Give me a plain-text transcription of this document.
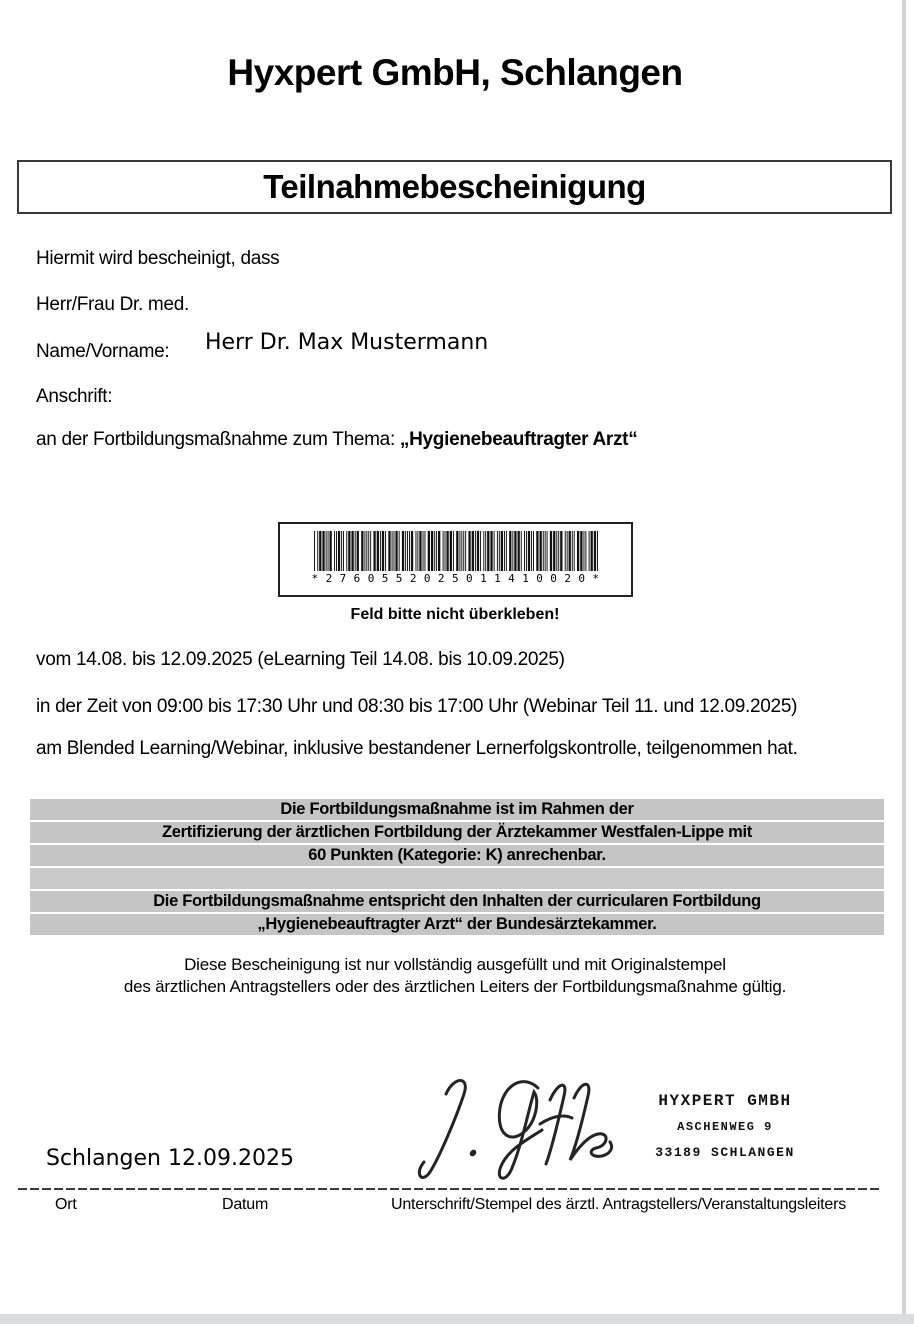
Hyxpert GmbH, Schlangen
Teilnahmebescheinigung
Hiermit wird bescheinigt, dass
Herr/Frau Dr. med.
Name/Vorname: Herr Dr. Max Mustermann
Anschrift:
an der Fortbildungsmaßnahme zum Thema: „Hygienebeauftragter Arzt“
* 2 7 6 0 5 5 2 0 2 5 0 1 1 4 1 0 0 2 0 *
Feld bitte nicht überkleben!
vom 14.08. bis 12.09.2025 (eLearning Teil 14.08. bis 10.09.2025)
in der Zeit von 09:00 bis 17:30 Uhr und 08:30 bis 17:00 Uhr (Webinar Teil 11. und 12.09.2025)
am Blended Learning/Webinar, inklusive bestandener Lernerfolgskontrolle, teilgenommen hat.
Die Fortbildungsmaßnahme ist im Rahmen der
Zertifizierung der ärztlichen Fortbildung der Ärztekammer Westfalen-Lippe mit
60 Punkten (Kategorie: K) anrechenbar.
Die Fortbildungsmaßnahme entspricht den Inhalten der curricularen Fortbildung
„Hygienebeauftragter Arzt“ der Bundesärztekammer.
Diese Bescheinigung ist nur vollständig ausgefüllt und mit Originalstempel
des ärztlichen Antragstellers oder des ärztlichen Leiters der Fortbildungsmaßnahme gültig.
HYXPERT GMBH
ASCHENWEG 9
33189 SCHLANGEN
Schlangen 12.09.2025
Ort	Datum	Unterschrift/Stempel des ärztl. Antragstellers/Veranstaltungsleiters
